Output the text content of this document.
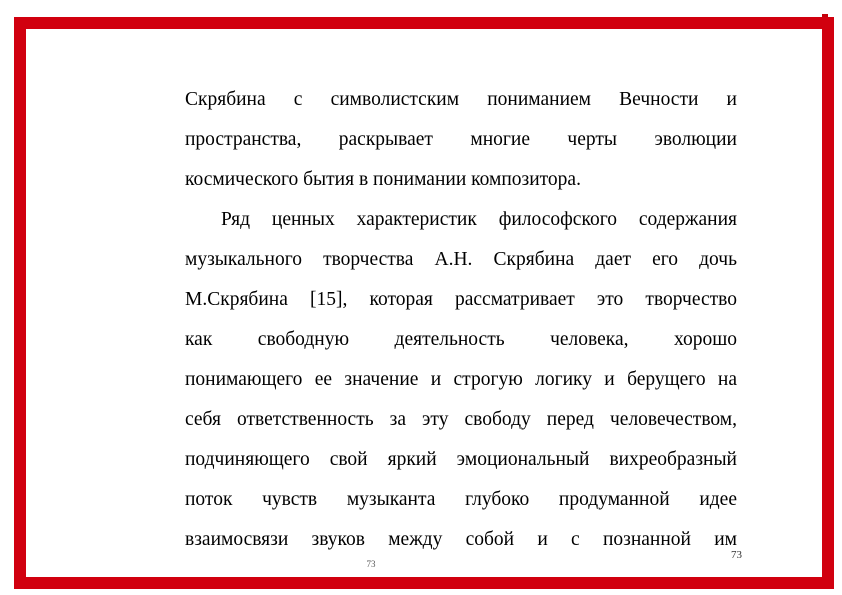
Скрябина с символистским пониманием Вечности и
пространства, раскрывает многие черты эволюции
космического бытия в понимании композитора.
Ряд ценных характеристик философского содержания
музыкального творчества А.Н. Скрябина дает его дочь
М.Скрябина [15], которая рассматривает это творчество
как свободную деятельность человека, хорошо
понимающего ее значение и строгую логику и берущего на
себя ответственность за эту свободу перед человечеством,
подчиняющего свой яркий эмоциональный вихреобразный
поток чувств музыканта глубоко продуманной идее
взаимосвязи звуков между собой и с познанной им
73
73
